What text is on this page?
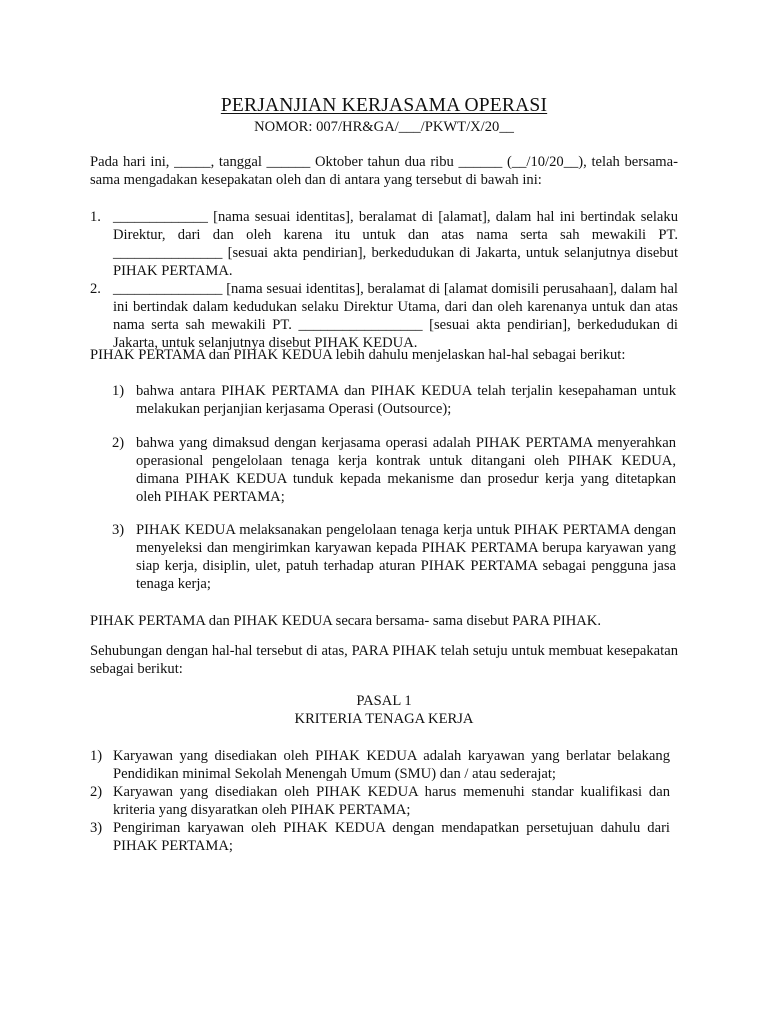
PERJANJIAN KERJASAMA OPERASI
NOMOR: 007/HR&GA/___/PKWT/X/20__
Pada hari ini, _____, tanggal ______ Oktober tahun dua ribu ______ (__/10/20__), telah bersama- sama mengadakan kesepakatan oleh dan di antara yang tersebut di bawah ini:
1. _____________ [nama sesuai identitas], beralamat di [alamat], dalam hal ini bertindak selaku Direktur, dari dan oleh karena itu untuk dan atas nama serta sah mewakili PT. _______________ [sesuai akta pendirian], berkedudukan di Jakarta, untuk selanjutnya disebut PIHAK PERTAMA.
2. _______________ [nama sesuai identitas], beralamat di [alamat domisili perusahaan], dalam hal ini bertindak dalam kedudukan selaku Direktur Utama, dari dan oleh karenanya untuk dan atas nama serta sah mewakili PT. _________________ [sesuai akta pendirian], berkedudukan di Jakarta, untuk selanjutnya disebut PIHAK KEDUA.
PIHAK PERTAMA dan PIHAK KEDUA lebih dahulu menjelaskan hal-hal sebagai berikut:
1) bahwa antara PIHAK PERTAMA dan PIHAK KEDUA telah terjalin kesepahaman untuk melakukan perjanjian kerjasama Operasi (Outsource);
2) bahwa yang dimaksud dengan kerjasama operasi adalah PIHAK PERTAMA menyerahkan operasional pengelolaan tenaga kerja kontrak untuk ditangani oleh PIHAK KEDUA, dimana PIHAK KEDUA tunduk kepada mekanisme dan prosedur kerja yang ditetapkan oleh PIHAK PERTAMA;
3) PIHAK KEDUA melaksanakan pengelolaan tenaga kerja untuk PIHAK PERTAMA dengan menyeleksi dan mengirimkan karyawan kepada PIHAK PERTAMA berupa karyawan yang siap kerja, disiplin, ulet, patuh terhadap aturan PIHAK PERTAMA sebagai pengguna jasa tenaga kerja;
PIHAK PERTAMA dan PIHAK KEDUA secara bersama- sama disebut PARA PIHAK.
Sehubungan dengan hal-hal tersebut di atas, PARA PIHAK telah setuju untuk membuat kesepakatan sebagai berikut:
PASAL 1
KRITERIA TENAGA KERJA
1) Karyawan yang disediakan oleh PIHAK KEDUA adalah karyawan yang berlatar belakang Pendidikan minimal Sekolah Menengah Umum (SMU) dan / atau sederajat;
2) Karyawan yang disediakan oleh PIHAK KEDUA harus memenuhi standar kualifikasi dan kriteria yang disyaratkan oleh PIHAK PERTAMA;
3) Pengiriman karyawan oleh PIHAK KEDUA dengan mendapatkan persetujuan dahulu dari PIHAK PERTAMA;
